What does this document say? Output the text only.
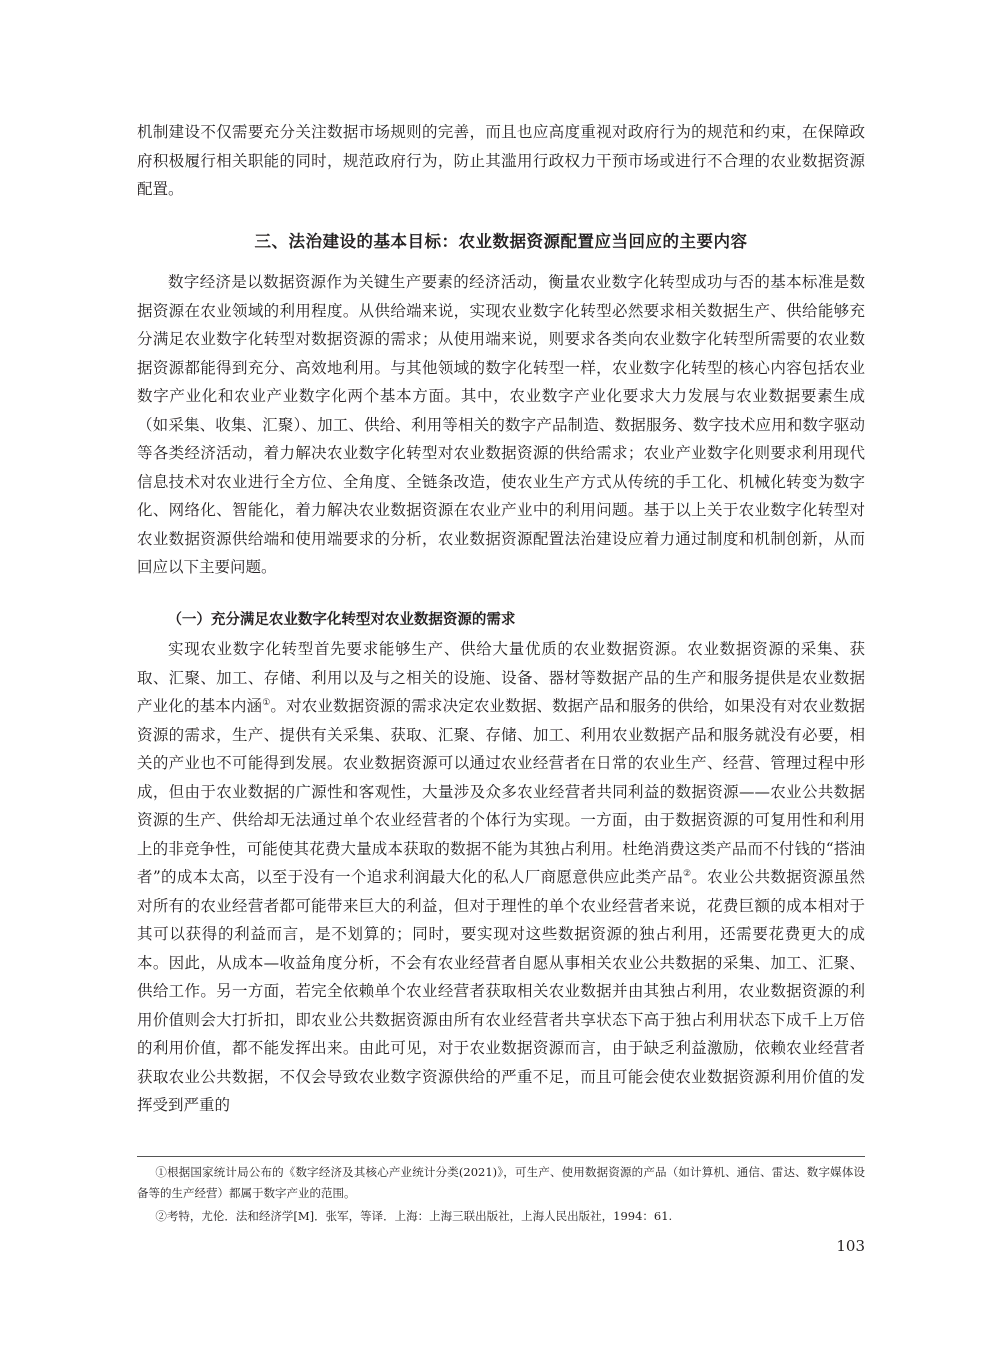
机制建设不仅需要充分关注数据市场规则的完善，而且也应高度重视对政府行为的规范和约束，在保障政府积极履行相关职能的同时，规范政府行为，防止其滥用行政权力干预市场或进行不合理的农业数据资源配置。

三、法治建设的基本目标：农业数据资源配置应当回应的主要内容

数字经济是以数据资源作为关键生产要素的经济活动，衡量农业数字化转型成功与否的基本标准是数据资源在农业领域的利用程度。从供给端来说，实现农业数字化转型必然要求相关数据生产、供给能够充分满足农业数字化转型对数据资源的需求；从使用端来说，则要求各类向农业数字化转型所需要的农业数据资源都能得到充分、高效地利用。与其他领域的数字化转型一样，农业数字化转型的核心内容包括农业数字产业化和农业产业数字化两个基本方面。其中，农业数字产业化要求大力发展与农业数据要素生成（如采集、收集、汇聚）、加工、供给、利用等相关的数字产品制造、数据服务、数字技术应用和数字驱动等各类经济活动，着力解决农业数字化转型对农业数据资源的供给需求；农业产业数字化则要求利用现代信息技术对农业进行全方位、全角度、全链条改造，使农业生产方式从传统的手工化、机械化转变为数字化、网络化、智能化，着力解决农业数据资源在农业产业中的利用问题。基于以上关于农业数字化转型对农业数据资源供给端和使用端要求的分析，农业数据资源配置法治建设应着力通过制度和机制创新，从而回应以下主要问题。

（一）充分满足农业数字化转型对农业数据资源的需求

实现农业数字化转型首先要求能够生产、供给大量优质的农业数据资源。农业数据资源的采集、获取、汇聚、加工、存储、利用以及与之相关的设施、设备、器材等数据产品的生产和服务提供是农业数据产业化的基本内涵①。对农业数据资源的需求决定农业数据、数据产品和服务的供给，如果没有对农业数据资源的需求，生产、提供有关采集、获取、汇聚、存储、加工、利用农业数据产品和服务就没有必要，相关的产业也不可能得到发展。农业数据资源可以通过农业经营者在日常的农业生产、经营、管理过程中形成，但由于农业数据的广源性和客观性，大量涉及众多农业经营者共同利益的数据资源——农业公共数据资源的生产、供给却无法通过单个农业经营者的个体行为实现。一方面，由于数据资源的可复用性和利用上的非竞争性，可能使其花费大量成本获取的数据不能为其独占利用。杜绝消费这类产品而不付钱的“搭油者”的成本太高，以至于没有一个追求利润最大化的私人厂商愿意供应此类产品②。农业公共数据资源虽然对所有的农业经营者都可能带来巨大的利益，但对于理性的单个农业经营者来说，花费巨额的成本相对于其可以获得的利益而言，是不划算的；同时，要实现对这些数据资源的独占利用，还需要花费更大的成本。因此，从成本—收益角度分析，不会有农业经营者自愿从事相关农业公共数据的采集、加工、汇聚、供给工作。另一方面，若完全依赖单个农业经营者获取相关农业数据并由其独占利用，农业数据资源的利用价值则会大打折扣，即农业公共数据资源由所有农业经营者共享状态下高于独占利用状态下成千上万倍的利用价值，都不能发挥出来。由此可见，对于农业数据资源而言，由于缺乏利益激励，依赖农业经营者获取农业公共数据，不仅会导致农业数字资源供给的严重不足，而且可能会使农业数据资源利用价值的发挥受到严重的

①根据国家统计局公布的《数字经济及其核心产业统计分类(2021)》，可生产、使用数据资源的产品（如计算机、通信、雷达、数字媒体设备等的生产经营）都属于数字产业的范围。

②考特，尤伦．法和经济学[M]．张军，等译．上海：上海三联出版社，上海人民出版社，1994：61.

103
